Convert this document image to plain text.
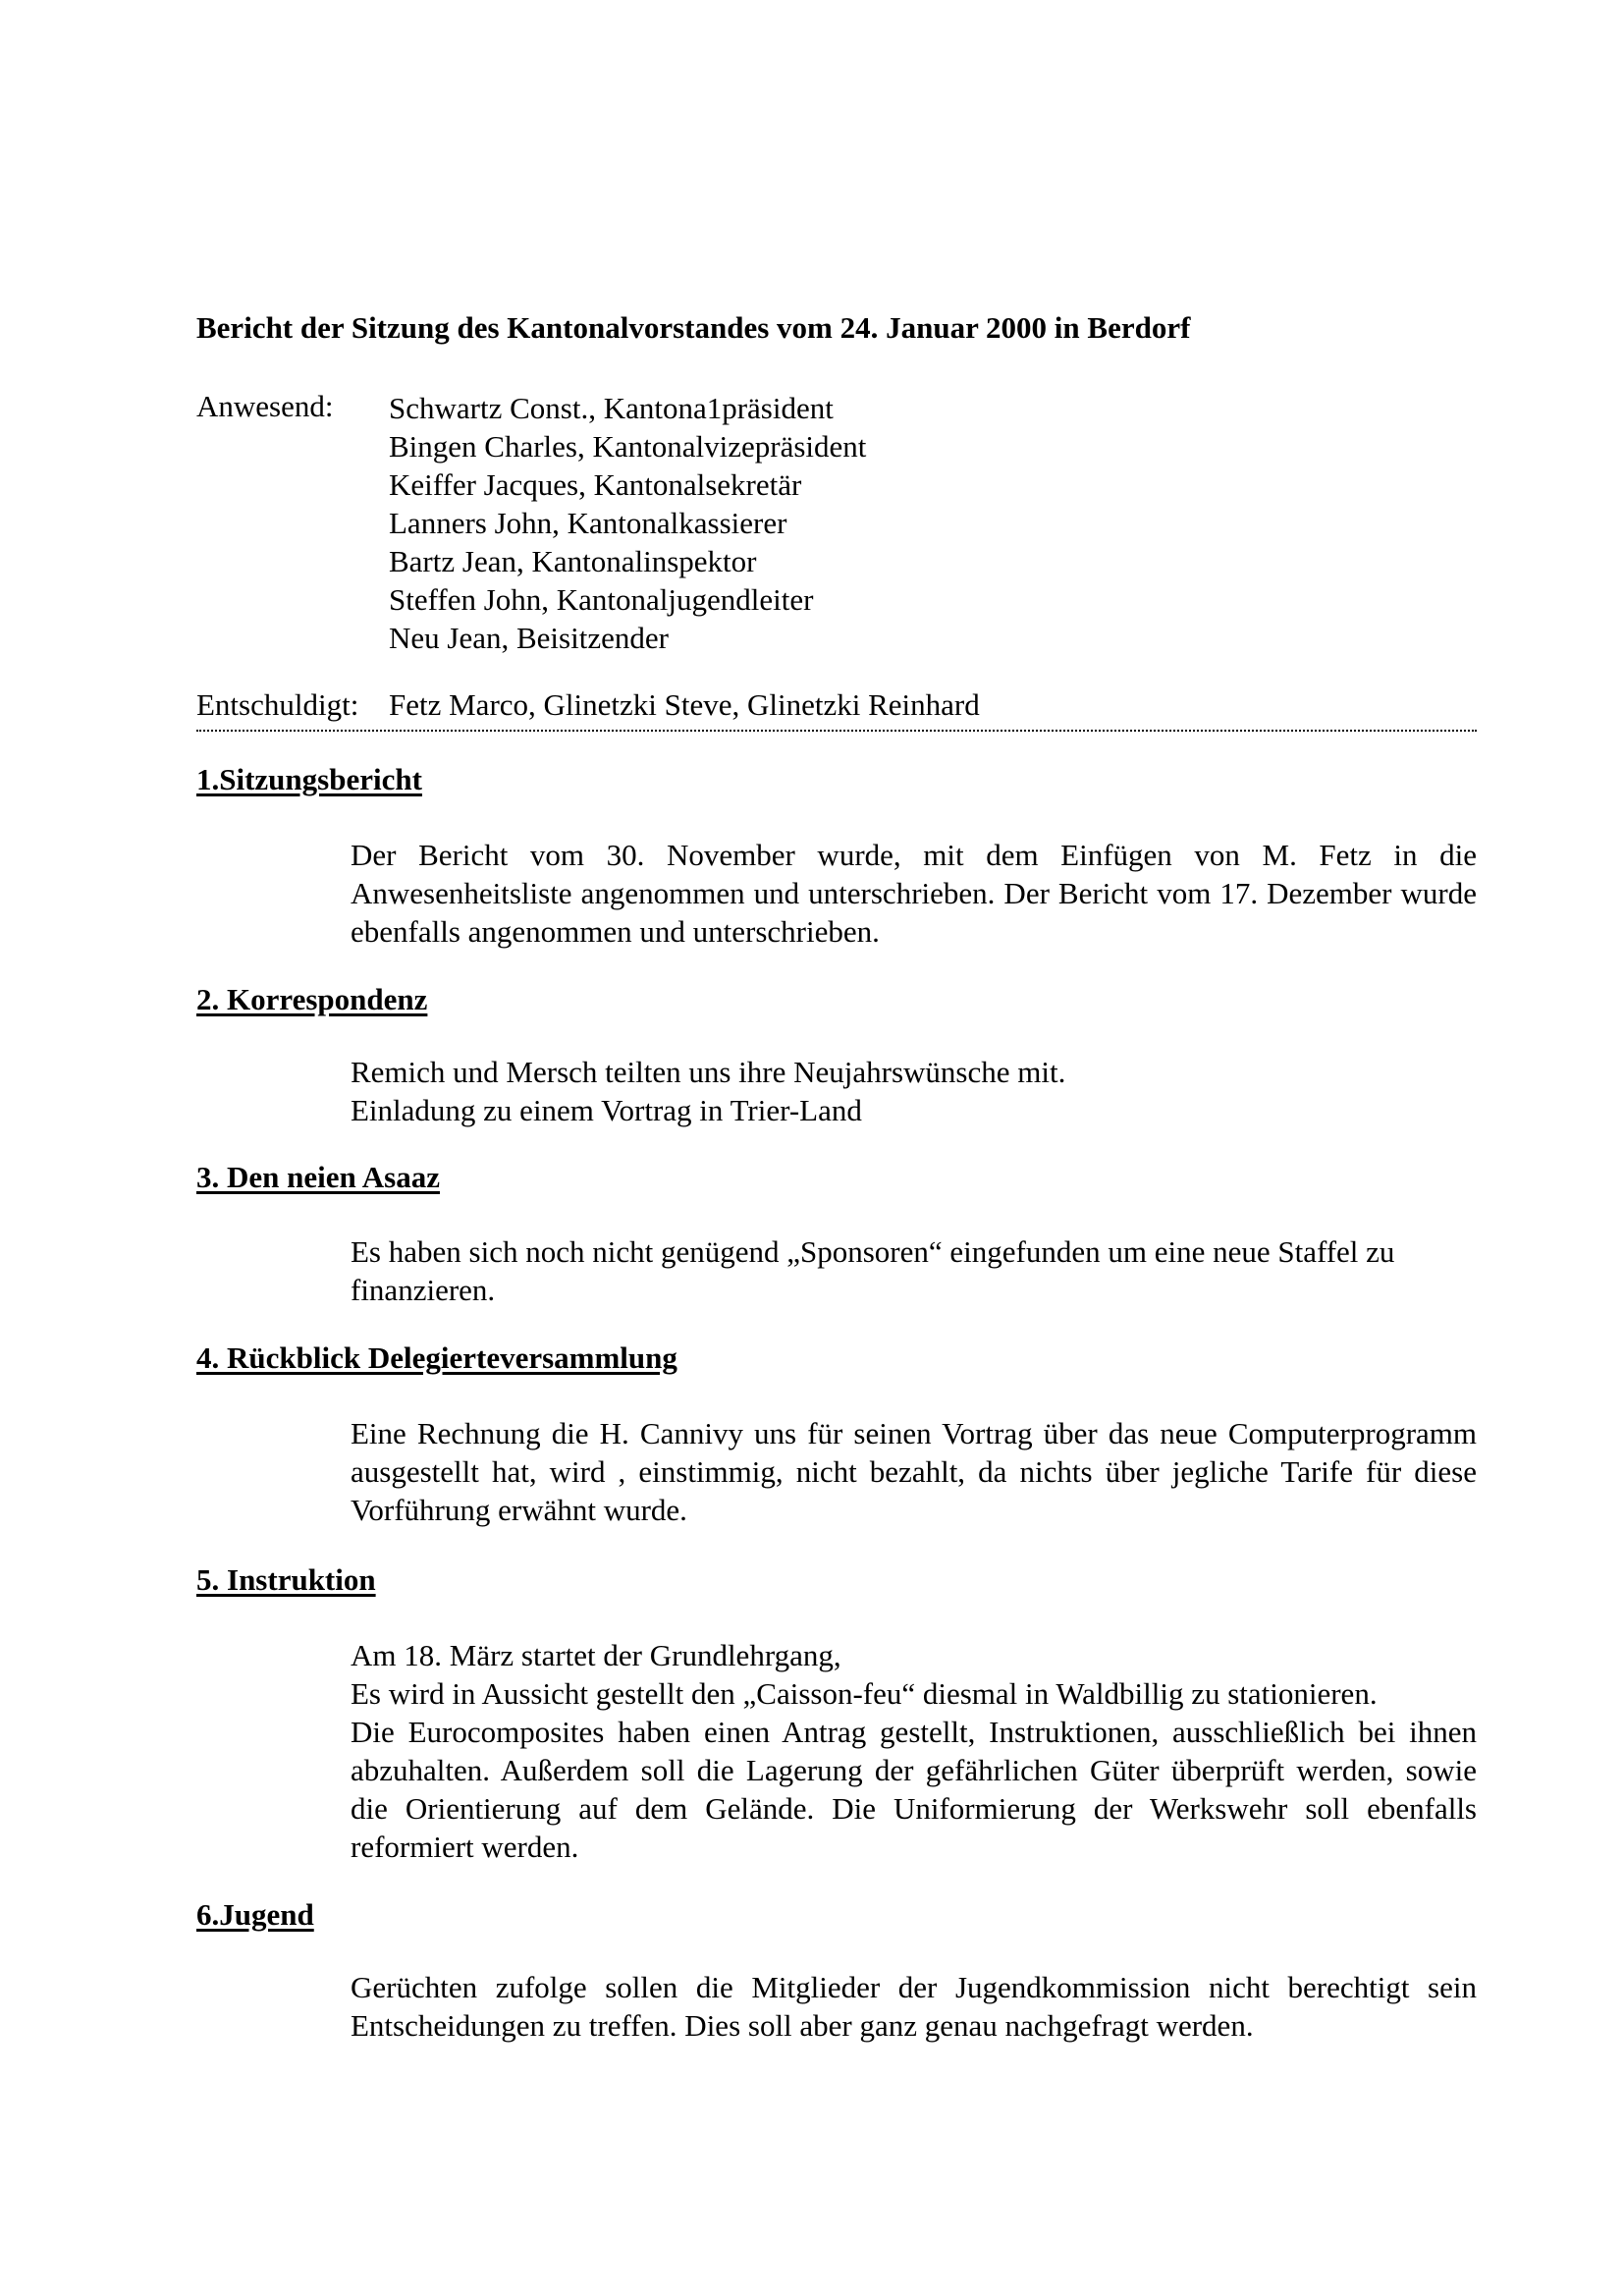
Bericht der Sitzung des Kantonalvorstandes vom 24. Januar 2000 in Berdorf
Anwesend: Schwartz Const., Kantona1präsident
Bingen Charles, Kantonalvizepräsident
Keiffer Jacques, Kantonalsekretär
Lanners John, Kantonalkassierer
Bartz Jean, Kantonalinspektor
Steffen John, Kantonaljugendleiter
Neu Jean, Beisitzender
Entschuldigt: Fetz Marco, Glinetzki Steve, Glinetzki Reinhard
1.Sitzungsbericht
Der Bericht vom 30. November wurde, mit dem Einfügen von M. Fetz in die Anwesenheitsliste angenommen und unterschrieben. Der Bericht vom 17. Dezember wurde ebenfalls angenommen und unterschrieben.
2. Korrespondenz
Remich und Mersch teilten uns ihre Neujahrswünsche mit.
Einladung zu einem Vortrag in Trier-Land
3. Den neien Asaaz
Es haben sich noch nicht genügend „Sponsoren“ eingefunden um eine neue Staffel zu finanzieren.
4. Rückblick Delegierteversammlung
Eine Rechnung die H. Cannivy uns für seinen Vortrag über das neue Computerprogramm ausgestellt hat, wird , einstimmig, nicht bezahlt, da nichts über jegliche Tarife für diese Vorführung erwähnt wurde.
5. Instruktion
Am 18. März startet der Grundlehrgang,
Es wird in Aussicht gestellt den „Caisson-feu“ diesmal in Waldbillig zu stationieren.
Die Eurocomposites haben einen Antrag gestellt, Instruktionen, ausschließlich bei ihnen abzuhalten. Außerdem soll die Lagerung der gefährlichen Güter überprüft werden, sowie die Orientierung auf dem Gelände. Die Uniformierung der Werkswehr soll ebenfalls reformiert werden.
6.Jugend
Gerüchten zufolge sollen die Mitglieder der Jugendkommission nicht berechtigt sein Entscheidungen zu treffen. Dies soll aber ganz genau nachgefragt werden.
